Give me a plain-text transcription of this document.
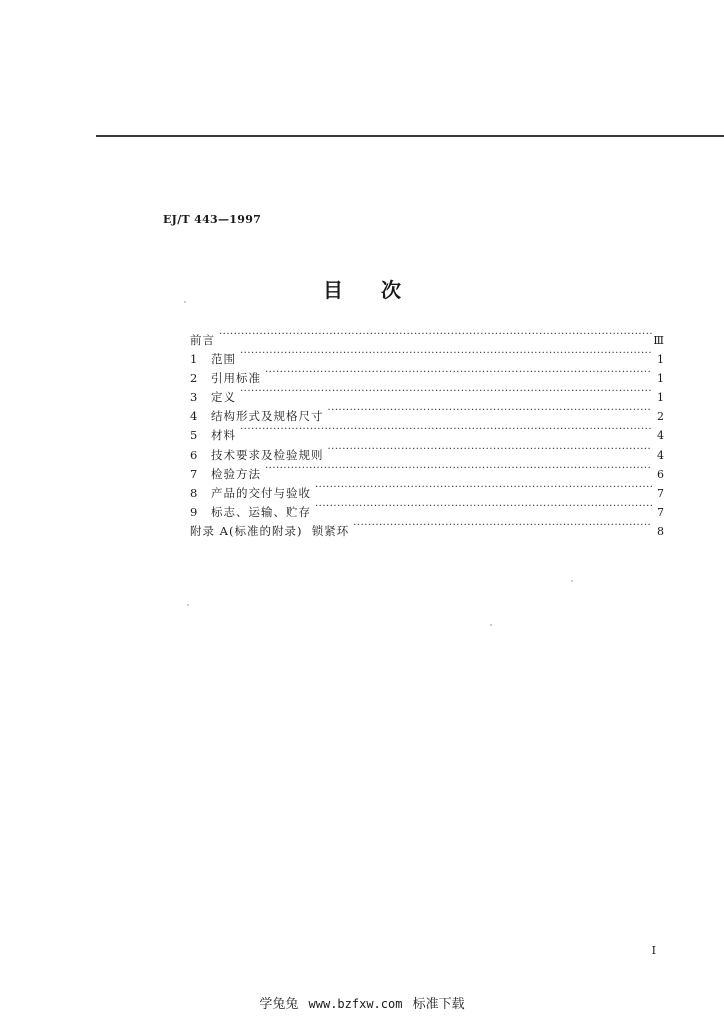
EJ/T 443—1997
目 次
前言 ·····	Ⅲ
1	范围 ·····	1
2	引用标准 ·····	1
3	定义 ·····	1
4	结构形式及规格尺寸 ·····	2
5	材料 ·····	4
6	技术要求及检验规则 ·····	4
7	检验方法 ·····	6
8	产品的交付与验收 ·····	7
9	标志、运输、贮存 ·····	7
附录 A(标准的附录)  锁紧环 ·····	8
I
学兔兔 www.bzfxw.com 标准下载
